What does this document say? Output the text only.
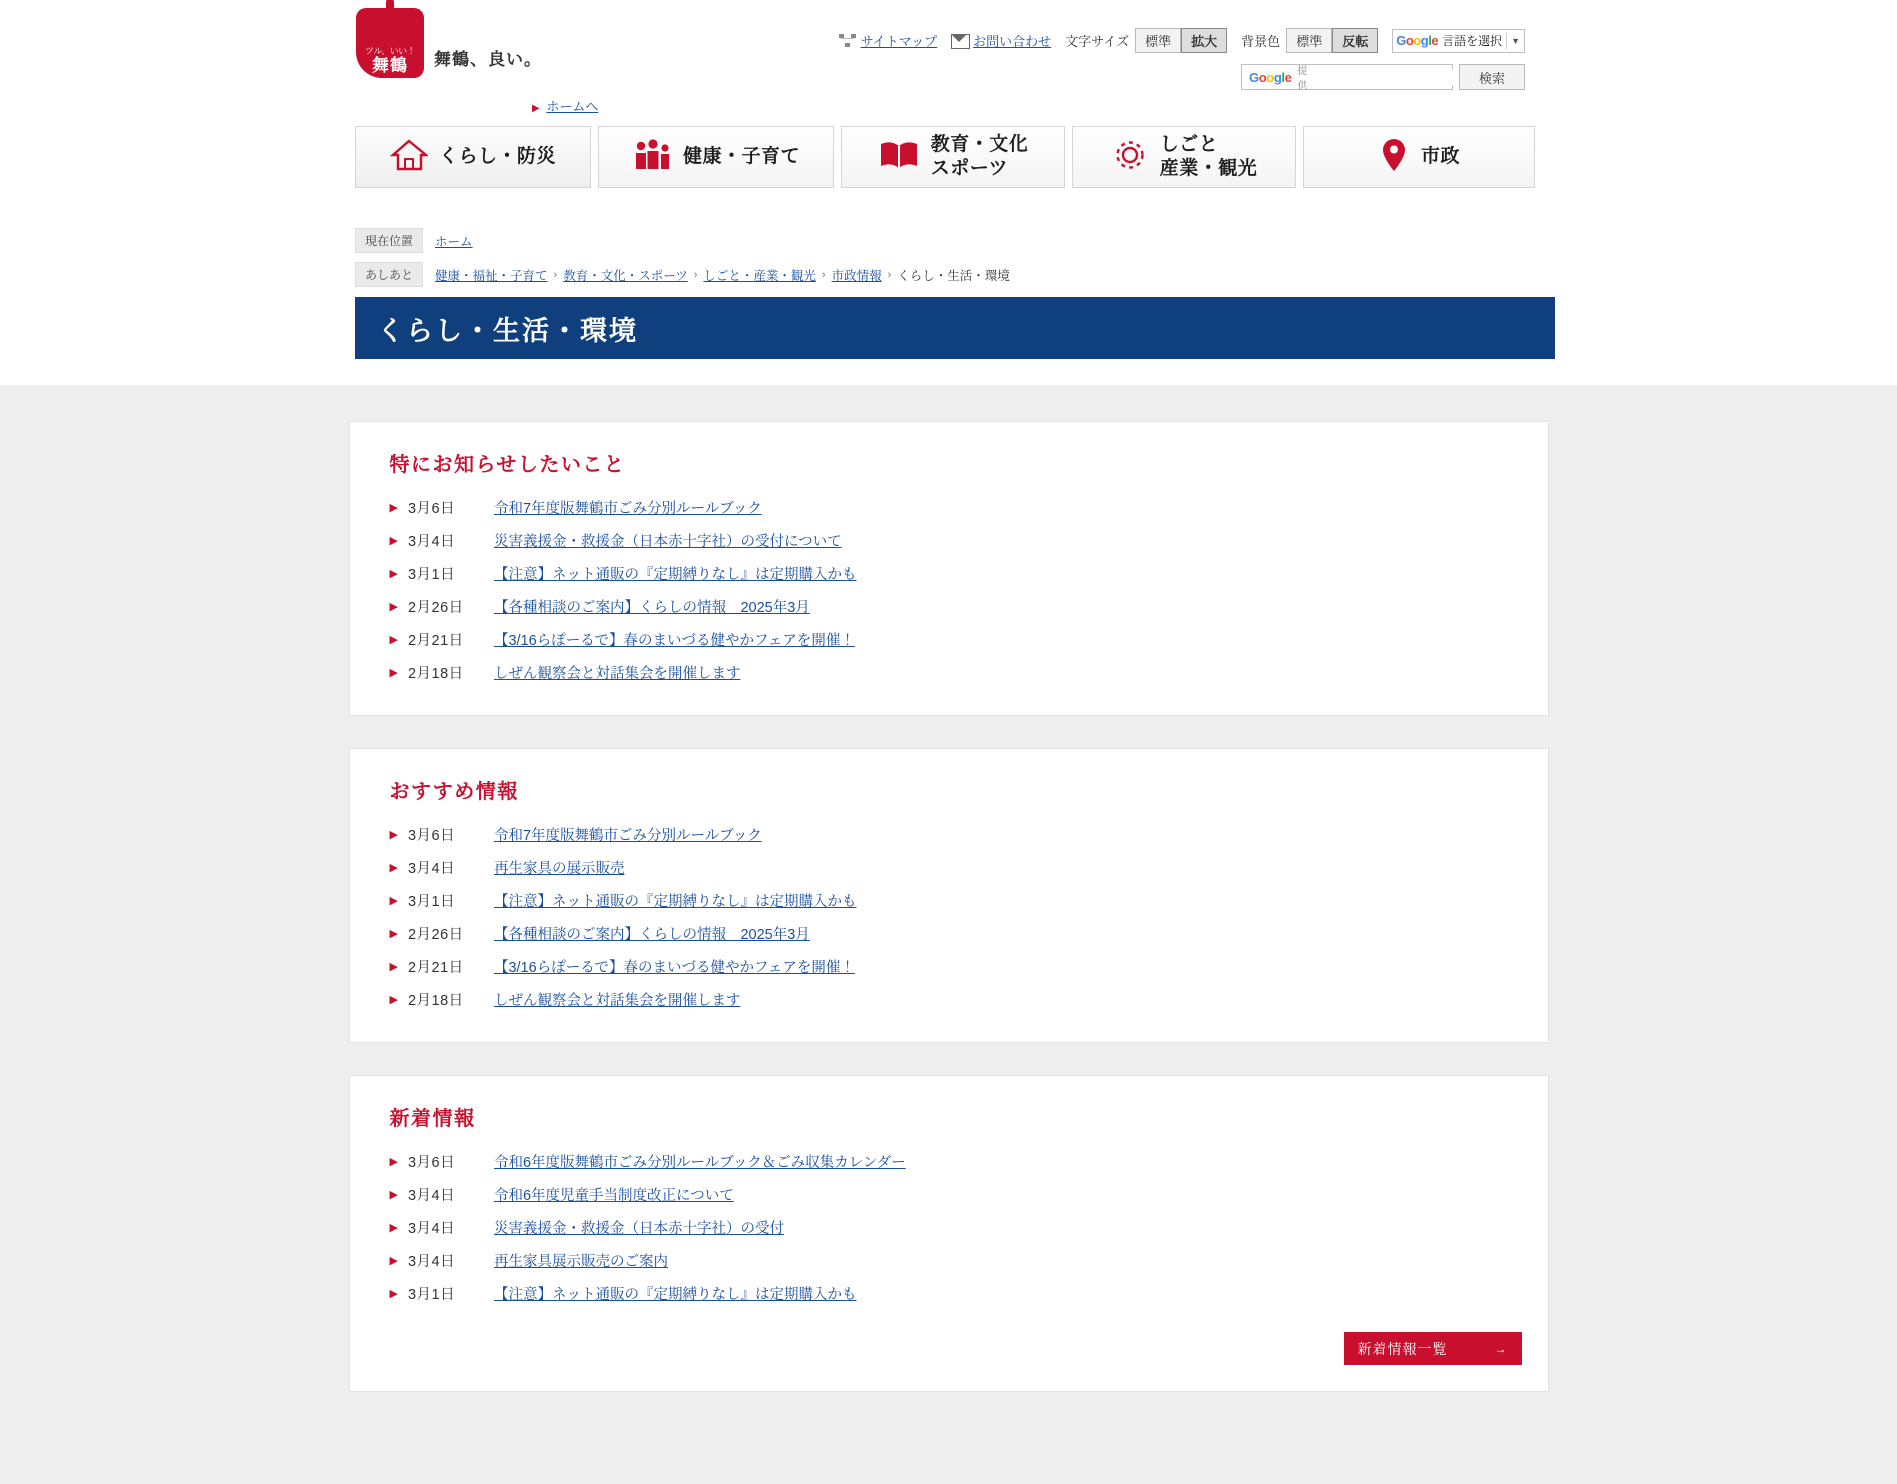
ツル、いい！
舞鶴 舞鶴、良い。
▶ ホームへ
サイトマップ	お問い合わせ 文字サイズ	標準	拡大	背景色	標準	反転	Google 言語を選択 ▼
Google 提供
検索
くらし・防災	健康・子育て
教育・文化
スポーツ
しごと
産業・観光
市政
現在位置	ホーム
あしあと	健康・福祉・子育て › 教育・文化・スポーツ › しごと・産業・観光 › 市政情報 › くらし・生活・環境
くらし・生活・環境
特にお知らせしたいこと
▶ 3月6日	令和7年度版舞鶴市ごみ分別ルールブック
▶ 3月4日	災害義援金・救援金（日本赤十字社）の受付について
▶ 3月1日	【注意】ネット通販の『定期縛りなし』は定期購入かも
▶ 2月26日	【各種相談のご案内】くらしの情報　2025年3月
▶ 2月21日	【3/16らぽーるで】春のまいづる健やかフェアを開催！
▶ 2月18日	しぜん観察会と対話集会を開催します
おすすめ情報
▶ 3月6日	令和7年度版舞鶴市ごみ分別ルールブック
▶ 3月4日	再生家具の展示販売
▶ 3月1日	【注意】ネット通販の『定期縛りなし』は定期購入かも
▶ 2月26日	【各種相談のご案内】くらしの情報　2025年3月
▶ 2月21日	【3/16らぽーるで】春のまいづる健やかフェアを開催！
▶ 2月18日	しぜん観察会と対話集会を開催します
新着情報
▶ 3月6日	令和6年度版舞鶴市ごみ分別ルールブック＆ごみ収集カレンダー
▶ 3月4日	令和6年度児童手当制度改正について
▶ 3月4日	災害義援金・救援金（日本赤十字社）の受付
▶ 3月4日	再生家具展示販売のご案内
▶ 3月1日	【注意】ネット通販の『定期縛りなし』は定期購入かも
新着情報一覧	→
